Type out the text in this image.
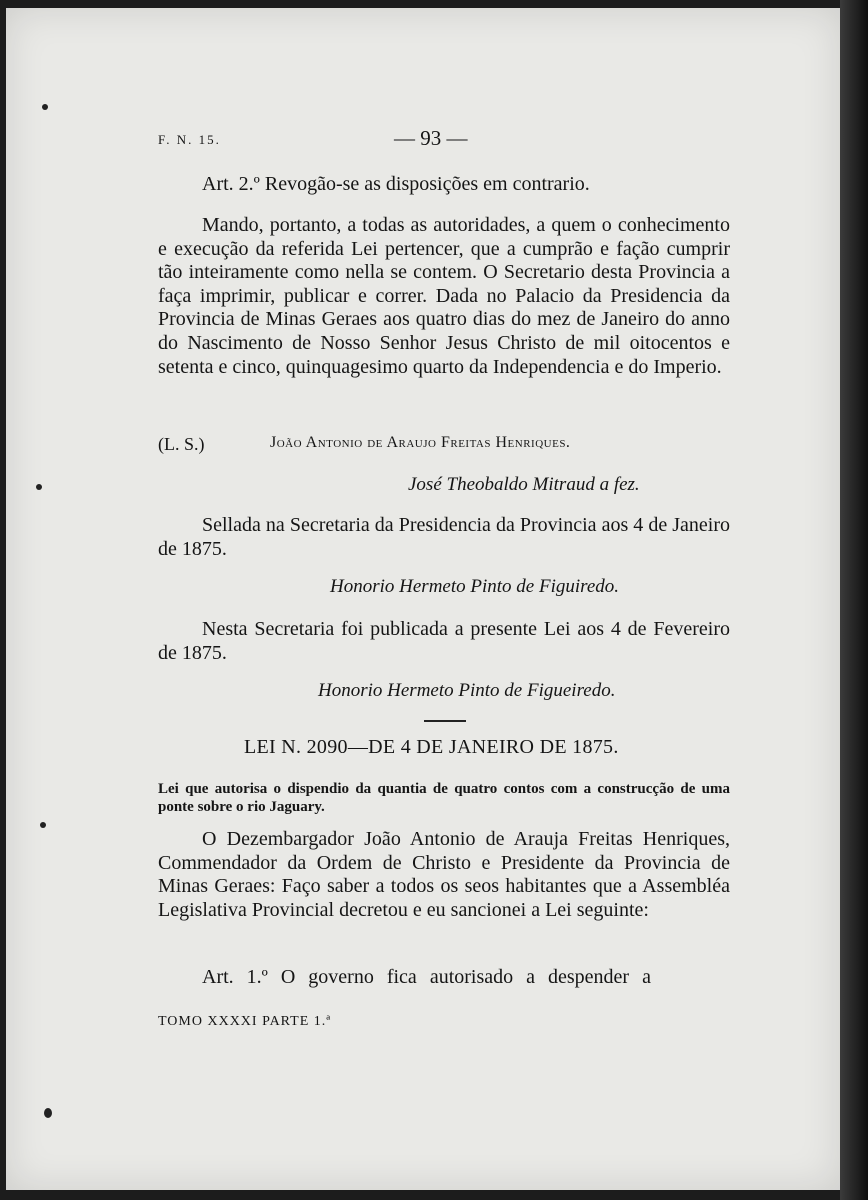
F. N. 15.	— 93 —
Art. 2.º Revogão-se as disposições em contrario.
Mando, portanto, a todas as autoridades, a quem o conhecimento e execução da referida Lei pertencer, que a cumprão e fação cumprir tão inteiramente como nella se contem. O Secretario desta Provincia a faça imprimir, publicar e correr. Dada no Palacio da Presidencia da Provincia de Minas Geraes aos quatro dias do mez de Janeiro do anno do Nascimento de Nosso Senhor Jesus Christo de mil oitocentos e setenta e cinco, quinquagesimo quarto da Independencia e do Imperio.
(L. S.)	João Antonio de Araujo Freitas Henriques.
José Theobaldo Mitraud a fez.
Sellada na Secretaria da Presidencia da Provincia aos 4 de Janeiro de 1875.
Honorio Hermeto Pinto de Figuiredo.
Nesta Secretaria foi publicada a presente Lei aos 4 de Fevereiro de 1875.
Honorio Hermeto Pinto de Figueiredo.
LEI N. 2090—DE 4 DE JANEIRO DE 1875.
Lei que autorisa o dispendio da quantia de quatro contos com a construcção de uma ponte sobre o rio Jaguary.
O Dezembargador João Antonio de Arauja Freitas Henriques, Commendador da Ordem de Christo e Presidente da Provincia de Minas Geraes: Faço saber a todos os seos habitantes que a Assembléa Legislativa Provincial decretou e eu sancionei a Lei seguinte:
Art. 1.º O governo fica autorisado a despender a
TOMO XXXXI PARTE 1.ª
